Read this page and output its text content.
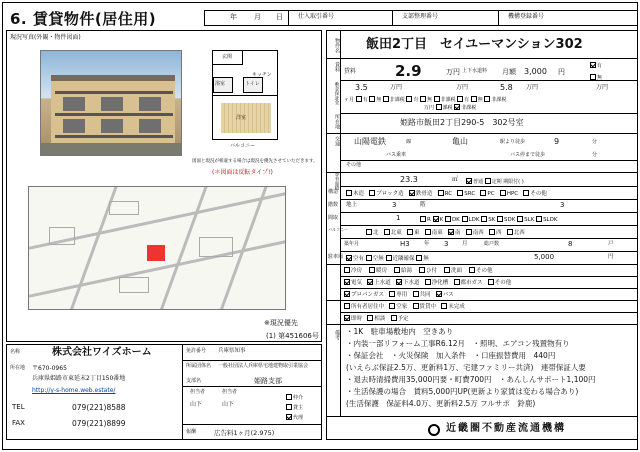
6. 賃貸物件(居住用)	年 月 日	仕入取引番号	支部整理番号	機構登録番号
現況写真(外観・物件図面)
玄関
キッチン
浴室	トイレ
洋室
バルコニー
図面と現況が相違する場合は現況を優先させていただきます。
(＊図面は反転タイプ!)
※現況優先
(1) 第451606号
名称	株式会社ワイズホーム
所在地 〒670-0965
兵庫県姫路市東延末2丁目150番地
http://y-s-home.web.estate/
TEL	079(221)8588
FAX	079(221)8899
免許番号 兵庫県知事
所属団体名 一般社団法人兵庫県宅地建物取引業協会
支部名	姫路支部
担当者
山下
担当者
山下
仲介
貸主
代理
報酬	広告料1ヶ月(2.975)
物件名 飯田2丁目　セイユーマンション302
賃料 賃料	2.9	万円 上下水道料 月額 3,000 円
有
無
敷金保証金 3.5	万円	万円	5.8 万円	万円
ヶ月 有 無 非課税 有 無 非課税 有 無 非課税
万円 課税 非課税
所在地	姫路市飯田2丁目290-5　302号室
交通 山陽電鉄	線	亀山	駅より徒歩	9	分
バス乗車	バス停まで徒歩	分
その他
専有面積	23.3	㎡	普通 定期 期限付( )
構造	木造   ブロック造   鉄骨造   RC   SRC   PC   HPC   その他
階数 地上	3	階	3
間取	1	R K DK LDK SK SDK SLK SLDK
バルコニー
北   北東   東   南東   南   南西   西   北西
築年月	H3	年 3 月	総戸数	8	戸
駐車場	空有 空無 近隣確保 無	5,000	円
冷房    暖房    給湯    ひ付    洗面    その他
電気   上水道   下水道   浄化槽   都市ガス   その他
プロパンガス   専用   共同   バス
所有者居住中   空家   賃貸中   未完成
即時   相談   予定
備考 ・1K　駐車場敷地内　空きあり
・内装一部リフォーム工事R6.12月　・照明、エアコン残置物有り
・保証会社　・火災保険　加入条件　・口座振替費用　440円
(いえらぶ保証2.5万、更新料1万、宅建ファミリー共済)　連帯保証人要
・退去時清掃費用35,000円要・町費700円　・あんしんサポート1,100円
・生活保護の場合　賃料5,000円UP(更新より家賃は変わる場合あり)
(生活保護　保証料4.0万、更新料2.5万 フルサポ　鈴鹿)
近畿圏不動産流通機構
